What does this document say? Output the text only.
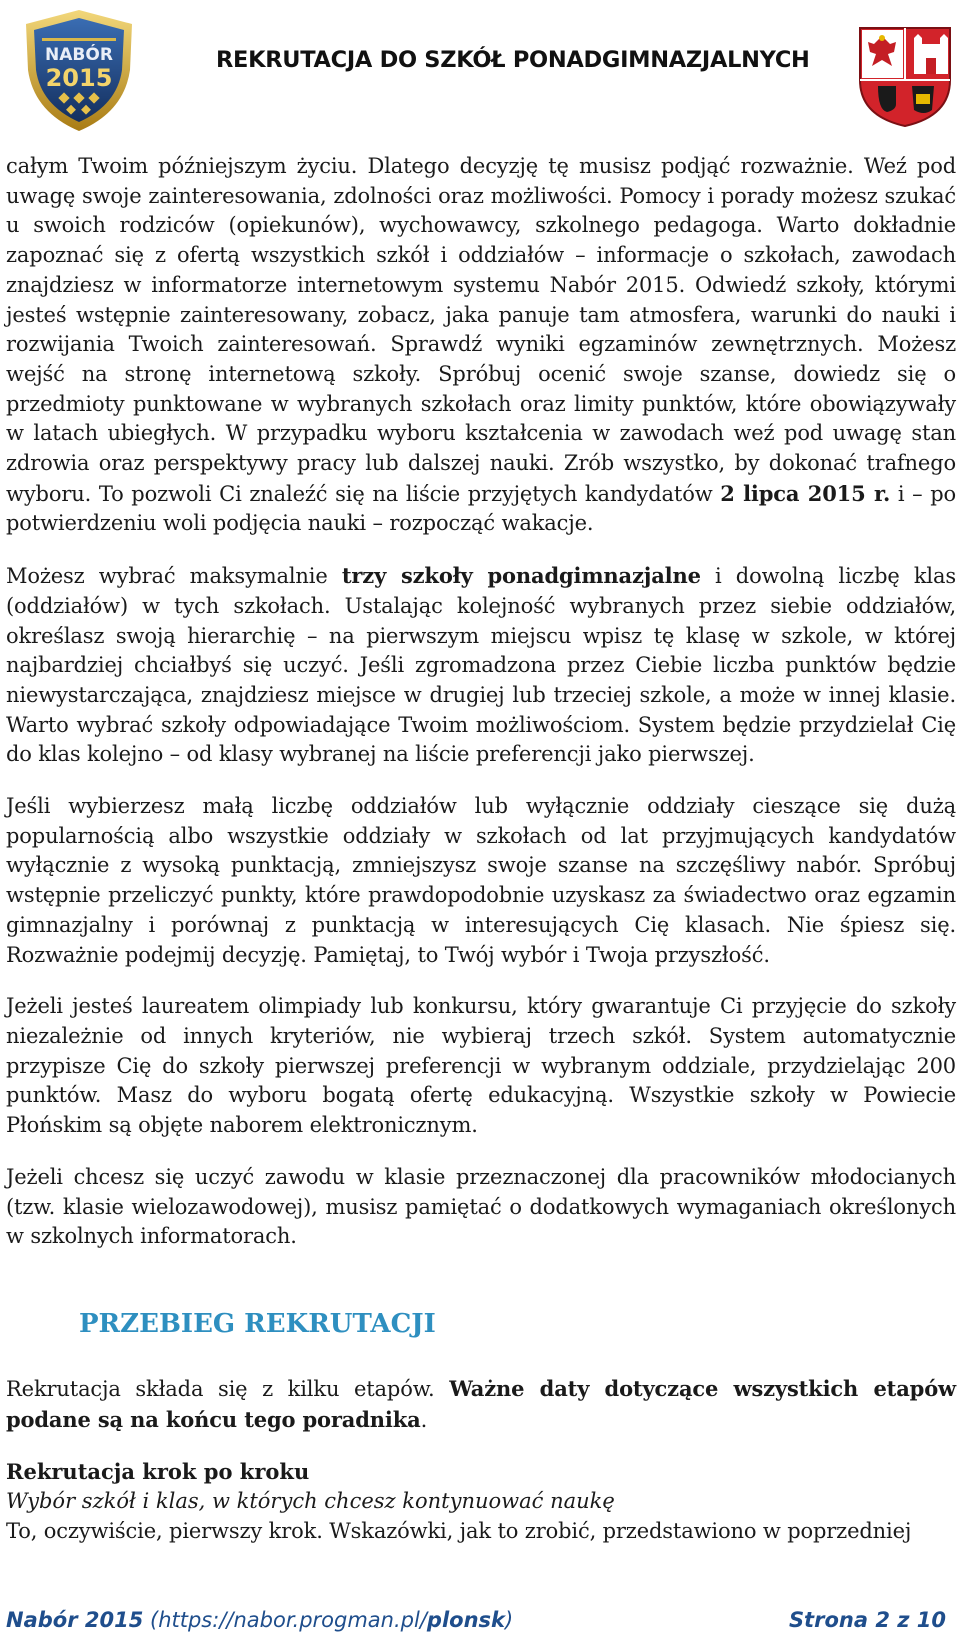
NABÓR
2015
REKRUTACJA DO SZKÓŁ PONADGIMNAZJALNYCH

całym Twoim późniejszym życiu. Dlatego decyzję tę musisz podjąć rozważnie. Weź pod uwagę swoje zainteresowania, zdolności oraz możliwości. Pomocy i porady możesz szukać u swoich rodziców (opiekunów), wychowawcy, szkolnego pedagoga. Warto dokładnie zapoznać się z ofertą wszystkich szkół i oddziałów – informacje o szkołach, zawodach znajdziesz w informatorze internetowym systemu Nabór 2015. Odwiedź szkoły, którymi jesteś wstępnie zainteresowany, zobacz, jaka panuje tam atmosfera, warunki do nauki i rozwijania Twoich zainteresowań. Sprawdź wyniki egzaminów zewnętrznych. Możesz wejść na stronę internetową szkoły. Spróbuj ocenić swoje szanse, dowiedz się o przedmioty punktowane w wybranych szkołach oraz limity punktów, które obowiązywały w latach ubiegłych. W przypadku wyboru kształcenia w zawodach weź pod uwagę stan zdrowia oraz perspektywy pracy lub dalszej nauki. Zrób wszystko, by dokonać trafnego wyboru. To pozwoli Ci znaleźć się na liście przyjętych kandydatów 2 lipca 2015 r. i – po potwierdzeniu woli podjęcia nauki – rozpocząć wakacje.

Możesz wybrać maksymalnie trzy szkoły ponadgimnazjalne i dowolną liczbę klas (oddziałów) w tych szkołach. Ustalając kolejność wybranych przez siebie oddziałów, określasz swoją hierarchię – na pierwszym miejscu wpisz tę klasę w szkole, w której najbardziej chciałbyś się uczyć. Jeśli zgromadzona przez Ciebie liczba punktów będzie niewystarczająca, znajdziesz miejsce w drugiej lub trzeciej szkole, a może w innej klasie. Warto wybrać szkoły odpowiadające Twoim możliwościom. System będzie przydzielał Cię do klas kolejno – od klasy wybranej na liście preferencji jako pierwszej.

Jeśli wybierzesz małą liczbę oddziałów lub wyłącznie oddziały cieszące się dużą popularnością albo wszystkie oddziały w szkołach od lat przyjmujących kandydatów wyłącznie z wysoką punktacją, zmniejszysz swoje szanse na szczęśliwy nabór. Spróbuj wstępnie przeliczyć punkty, które prawdopodobnie uzyskasz za świadectwo oraz egzamin gimnazjalny i porównaj z punktacją w interesujących Cię klasach. Nie śpiesz się. Rozważnie podejmij decyzję. Pamiętaj, to Twój wybór i Twoja przyszłość.

Jeżeli jesteś laureatem olimpiady lub konkursu, który gwarantuje Ci przyjęcie do szkoły niezależnie od innych kryteriów, nie wybieraj trzech szkół. System automatycznie przypisze Cię do szkoły pierwszej preferencji w wybranym oddziale, przydzielając 200 punktów. Masz do wyboru bogatą ofertę edukacyjną. Wszystkie szkoły w Powiecie Płońskim są objęte naborem elektronicznym.

Jeżeli chcesz się uczyć zawodu w klasie przeznaczonej dla pracowników młodocianych (tzw. klasie wielozawodowej), musisz pamiętać o dodatkowych wymaganiach określonych w szkolnych informatorach.

PRZEBIEG REKRUTACJI

Rekrutacja składa się z kilku etapów. Ważne daty dotyczące wszystkich etapów podane są na końcu tego poradnika.

Rekrutacja krok po kroku

Wybór szkół i klas, w których chcesz kontynuować naukę

To, oczywiście, pierwszy krok. Wskazówki, jak to zrobić, przedstawiono w poprzedniej

Nabór 2015 (https://nabor.progman.pl/plonsk)	Strona 2 z 10
